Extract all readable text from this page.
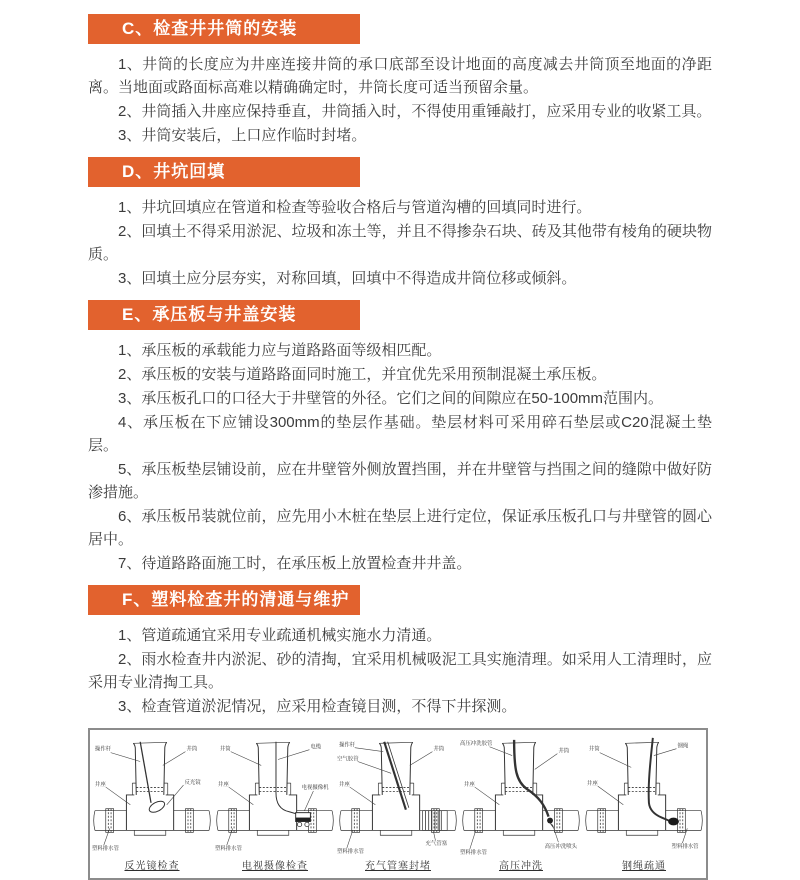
C、检查井井筒的安装

1、井筒的长度应为井座连接井筒的承口底部至设计地面的高度减去井筒顶至地面的净距离。当地面或路面标高难以精确确定时，井筒长度可适当预留余量。

2、井筒插入井座应保持垂直，井筒插入时，不得使用重锤敲打，应采用专业的收紧工具。

3、井筒安装后，上口应作临时封堵。

D、井坑回填

1、井坑回填应在管道和检查等验收合格后与管道沟槽的回填同时进行。

2、回填土不得采用淤泥、垃圾和冻土等，并且不得掺杂石块、砖及其他带有棱角的硬块物质。

3、回填土应分层夯实，对称回填，回填中不得造成井筒位移或倾斜。

E、承压板与井盖安装

1、承压板的承载能力应与道路路面等级相匹配。

2、承压板的安装与道路路面同时施工，并宜优先采用预制混凝土承压板。

3、承压板孔口的口径大于井壁管的外径。它们之间的间隙应在50-100mm范围内。

4、承压板在下应铺设300mm的垫层作基础。垫层材料可采用碎石垫层或C20混凝土垫层。

5、承压板垫层铺设前，应在井壁管外侧放置挡围，并在井壁管与挡围之间的缝隙中做好防渗措施。

6、承压板吊装就位前，应先用小木桩在垫层上进行定位，保证承压板孔口与井壁管的圆心居中。

7、待道路路面施工时，在承压板上放置检查井井盖。

F、塑料检查井的清通与维护

1、管道疏通宜采用专业疏通机械实施水力清通。

2、雨水检查井内淤泥、砂的清掏，宜采用机械吸泥工具实施清理。如采用人工清理时，应采用专业清掏工具。

3、检查管道淤泥情况，应采用检查镜目测，不得下井探测。

操作杆	井筒
井座	反光镜
塑料排水管
反光镜检查
井筒	电缆
井座	电视摄像机
塑料排水管
电视摄像检查
操作杆
空气胶管
井座
井筒
充气管塞
塑料排水管
充气管塞封堵
高压冲洗胶管
井筒
井座
高压冲洗喷头
塑料排水管
高压冲洗
井筒	钢绳
井座
塑料排水管
钢绳疏通
